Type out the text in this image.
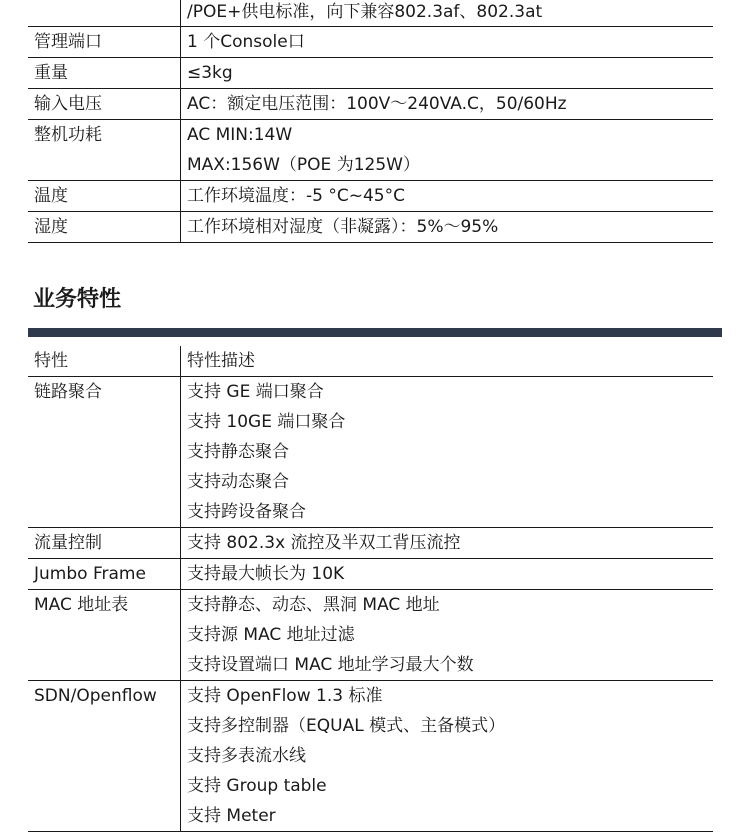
	/POE+供电标准，向下兼容802.3af、802.3at

管理端口	1 个Console口

重量	≤3kg

输入电压	AC：额定电压范围：100V～240VA.C，50/60Hz

整机功耗	AC MIN:14W
MAX:156W（POE 为125W）

温度	工作环境温度：-5 °C~45°C

湿度	工作环境相对湿度（非凝露）：5%～95%
业务特性
特性	特性描述
链路聚合	支持 GE 端口聚合
支持 10GE 端口聚合
支持静态聚合
支持动态聚合
支持跨设备聚合

流量控制	支持 802.3x 流控及半双工背压流控

Jumbo Frame	支持最大帧长为 10K

MAC 地址表	支持静态、动态、黑洞 MAC 地址
支持源 MAC 地址过滤
支持设置端口 MAC 地址学习最大个数

SDN/Openflow	支持 OpenFlow 1.3 标准
支持多控制器（EQUAL 模式、主备模式）
支持多表流水线
支持 Group table
支持 Meter
